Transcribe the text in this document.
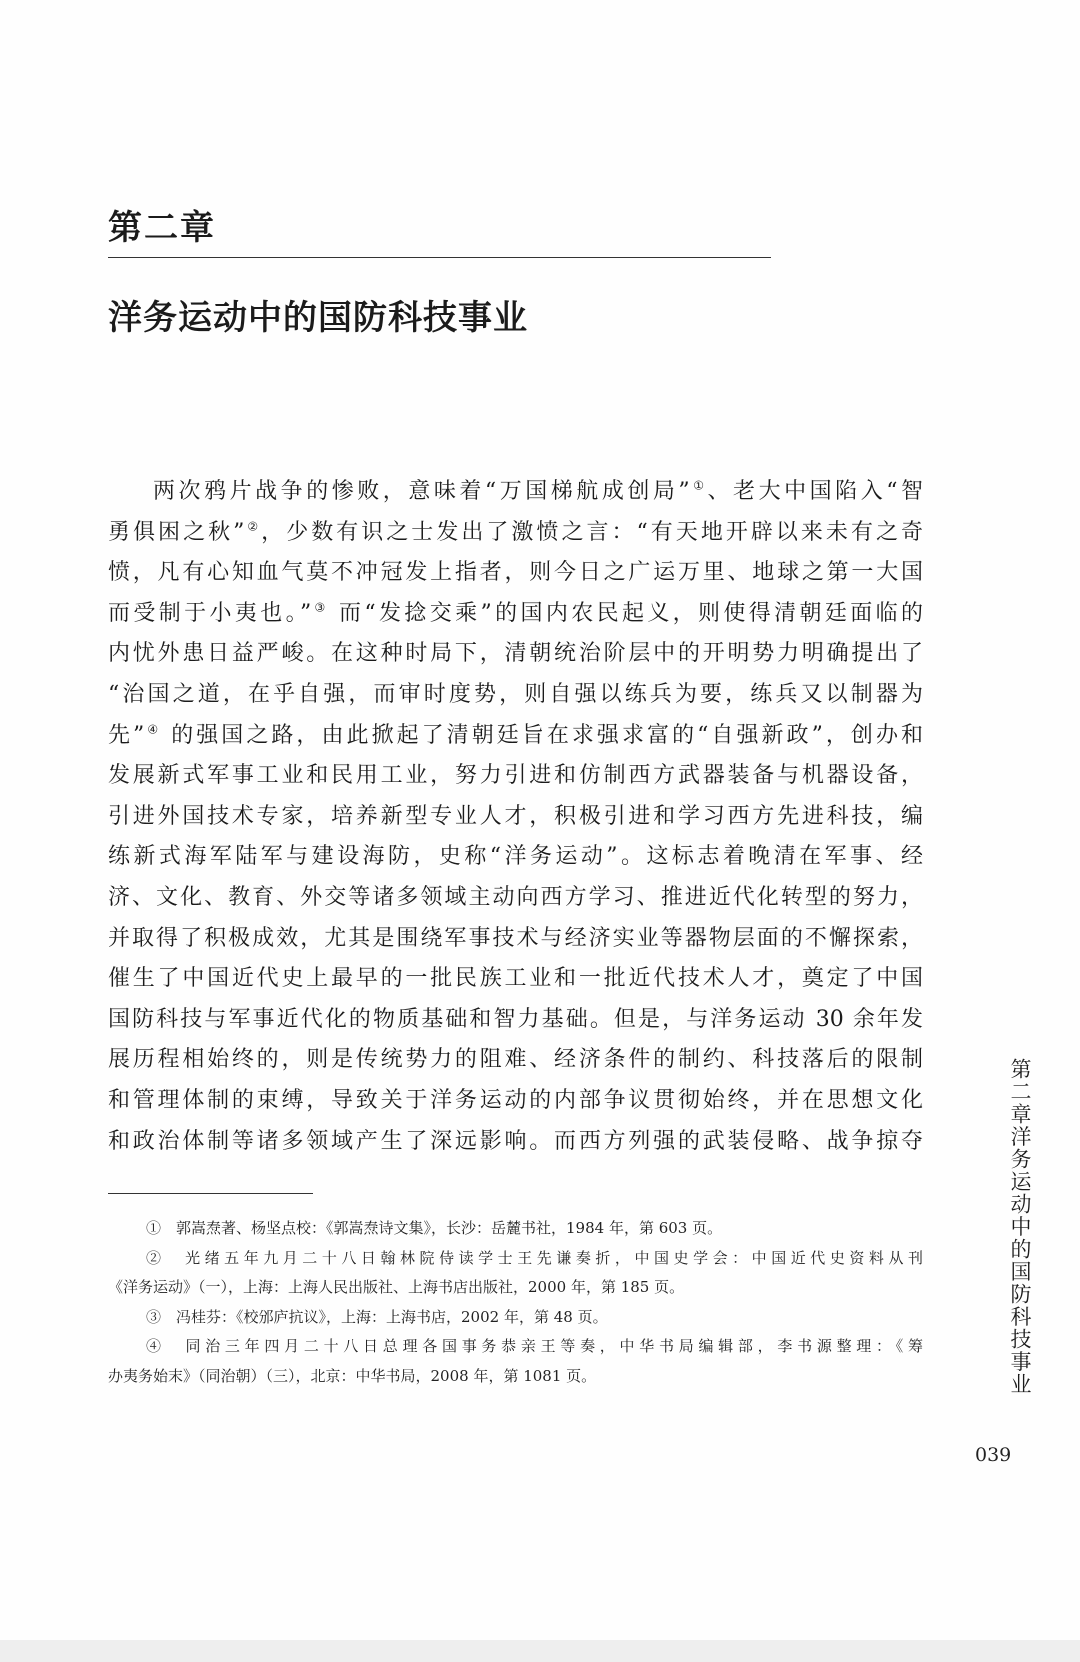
第二章
洋务运动中的国防科技事业
两次鸦片战争的惨败，意味着“万国梯航成创局”①、老大中国陷入“智
勇俱困之秋”②，少数有识之士发出了激愤之言：“有天地开辟以来未有之奇
愤，凡有心知血气莫不冲冠发上指者，则今日之广运万里、地球之第一大国
而受制于小夷也。”③ 而“发捻交乘”的国内农民起义，则使得清朝廷面临的
内忧外患日益严峻。在这种时局下，清朝统治阶层中的开明势力明确提出了
“治国之道，在乎自强，而审时度势，则自强以练兵为要，练兵又以制器为
先”④ 的强国之路，由此掀起了清朝廷旨在求强求富的“自强新政”，创办和
发展新式军事工业和民用工业，努力引进和仿制西方武器装备与机器设备，
引进外国技术专家，培养新型专业人才，积极引进和学习西方先进科技，编
练新式海军陆军与建设海防，史称“洋务运动”。这标志着晚清在军事、经
济、文化、教育、外交等诸多领域主动向西方学习、推进近代化转型的努力，
并取得了积极成效，尤其是围绕军事技术与经济实业等器物层面的不懈探索，
催生了中国近代史上最早的一批民族工业和一批近代技术人才，奠定了中国
国防科技与军事近代化的物质基础和智力基础。但是，与洋务运动 30 余年发
展历程相始终的，则是传统势力的阻难、经济条件的制约、科技落后的限制
和管理体制的束缚，导致关于洋务运动的内部争议贯彻始终，并在思想文化
和政治体制等诸多领域产生了深远影响。而西方列强的武装侵略、战争掠夺
①　郭嵩焘著、杨坚点校：《郭嵩焘诗文集》，长沙：岳麓书社，1984 年，第 603 页。
②　光绪五年九月二十八日翰林院侍读学士王先谦奏折，中国史学会：中国近代史资料从刊
《洋务运动》（一），上海：上海人民出版社、上海书店出版社，2000 年，第 185 页。
③　冯桂芬：《校邠庐抗议》，上海：上海书店，2002 年，第 48 页。
④　同治三年四月二十八日总理各国事务恭亲王等奏，中华书局编辑部，李书源整理：《筹
办夷务始末》（同治朝）（三），北京：中华书局，2008 年，第 1081 页。
第二章洋务运动中的国防科技事业
039
